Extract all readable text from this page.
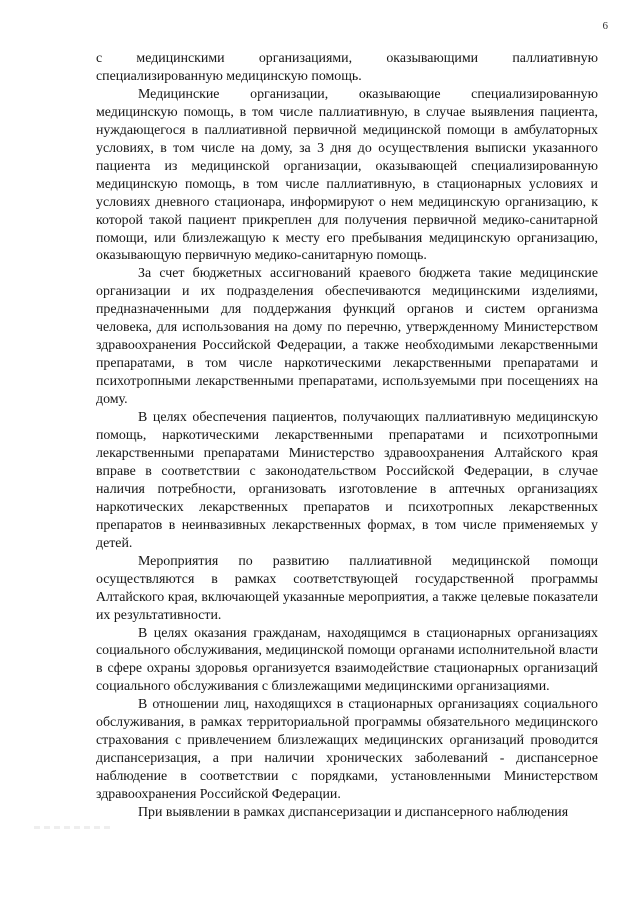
6

с медицинскими организациями, оказывающими паллиативную специализированную медицинскую помощь.

Медицинские организации, оказывающие специализированную медицинскую помощь, в том числе паллиативную, в случае выявления пациента, нуждающегося в паллиативной первичной медицинской помощи в амбулаторных условиях, в том числе на дому, за 3 дня до осуществления выписки указанного пациента из медицинской организации, оказывающей специализированную медицинскую помощь, в том числе паллиативную, в стационарных условиях и условиях дневного стационара, информируют о нем медицинскую организацию, к которой такой пациент прикреплен для получения первичной медико-санитарной помощи, или близлежащую к месту его пребывания медицинскую организацию, оказывающую первичную медико-санитарную помощь.

За счет бюджетных ассигнований краевого бюджета такие медицинские организации и их подразделения обеспечиваются медицинскими изделиями, предназначенными для поддержания функций органов и систем организма человека, для использования на дому по перечню, утвержденному Министерством здравоохранения Российской Федерации, а также необходимыми лекарственными препаратами, в том числе наркотическими лекарственными препаратами и психотропными лекарственными препаратами, используемыми при посещениях на дому.

В целях обеспечения пациентов, получающих паллиативную медицинскую помощь, наркотическими лекарственными препаратами и психотропными лекарственными препаратами Министерство здравоохранения Алтайского края вправе в соответствии с законодательством Российской Федерации, в случае наличия потребности, организовать изготовление в аптечных организациях наркотических лекарственных препаратов и психотропных лекарственных препаратов в неинвазивных лекарственных формах, в том числе применяемых у детей.

Мероприятия по развитию паллиативной медицинской помощи осуществляются в рамках соответствующей государственной программы Алтайского края, включающей указанные мероприятия, а также целевые показатели их результативности.

В целях оказания гражданам, находящимся в стационарных организациях социального обслуживания, медицинской помощи органами исполнительной власти в сфере охраны здоровья организуется взаимодействие стационарных организаций социального обслуживания с близлежащими медицинскими организациями.

В отношении лиц, находящихся в стационарных организациях социального обслуживания, в рамках территориальной программы обязательного медицинского страхования с привлечением близлежащих медицинских организаций проводится диспансеризация, а при наличии хронических заболеваний - диспансерное наблюдение в соответствии с порядками, установленными Министерством здравоохранения Российской Федерации.

При выявлении в рамках диспансеризации и диспансерного наблюдения
